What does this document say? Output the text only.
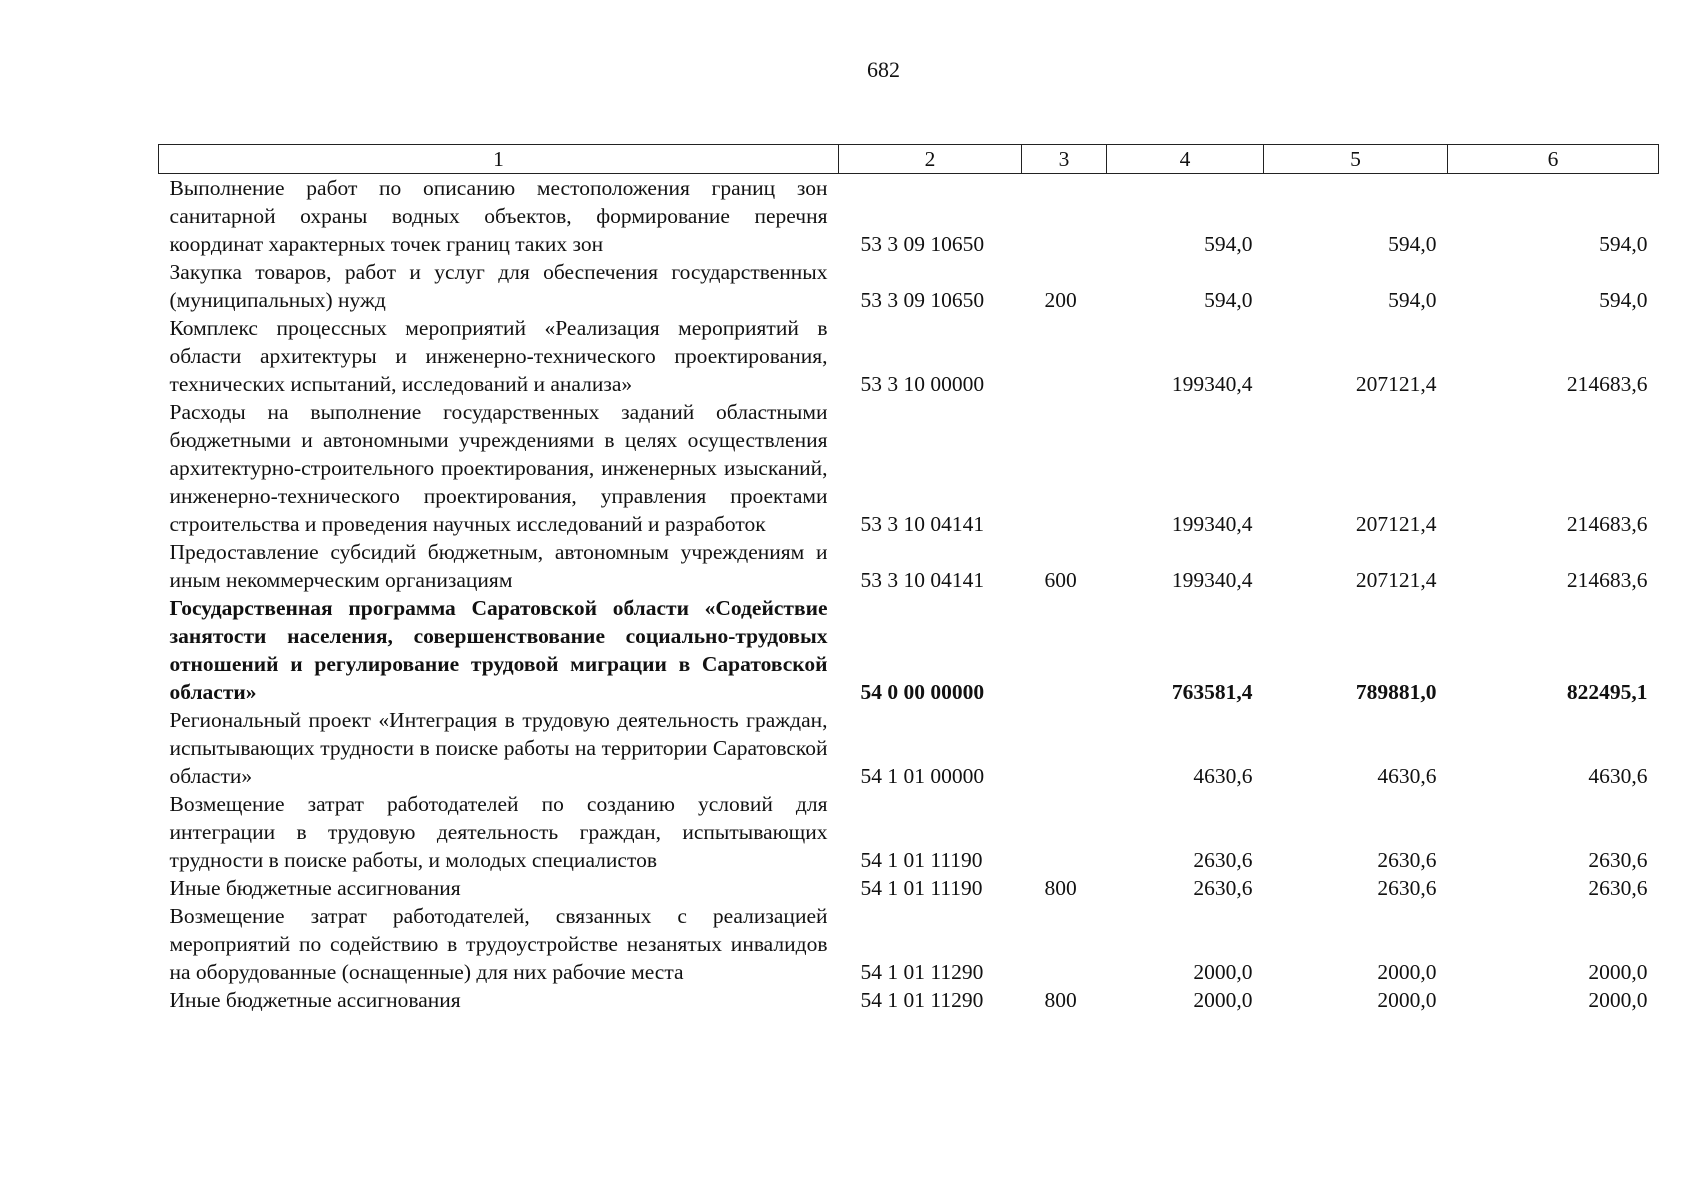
682
1	2	3	4	5	6
Выполнение работ по описанию местоположения границ зон санитарной охраны водных объектов, формирование перечня координат характерных точек границ таких зон	53 3 09 10650		594,0	594,0	594,0
Закупка товаров, работ и услуг для обеспечения государственных (муниципальных) нужд	53 3 09 10650	200	594,0	594,0	594,0
Комплекс процессных мероприятий «Реализация мероприятий в области архитектуры и инженерно-технического проектирования, технических испытаний, исследований и анализа»	53 3 10 00000		199340,4	207121,4	214683,6
Расходы на выполнение государственных заданий областными бюджетными и автономными учреждениями в целях осуществления архитектурно-строительного проектирования, инженерных изысканий, инженерно-технического проектирования, управления проектами строительства и проведения научных исследований и разработок	53 3 10 04141		199340,4	207121,4	214683,6
Предоставление субсидий бюджетным, автономным учреждениям и иным некоммерческим организациям	53 3 10 04141	600	199340,4	207121,4	214683,6
Государственная программа Саратовской области «Содействие занятости населения, совершенствование социально-трудовых отношений и регулирование трудовой миграции в Саратовской области»	54 0 00 00000		763581,4	789881,0	822495,1
Региональный проект «Интеграция в трудовую деятельность граждан, испытывающих трудности в поиске работы на территории Саратовской области»	54 1 01 00000		4630,6	4630,6	4630,6
Возмещение затрат работодателей по созданию условий для интеграции в трудовую деятельность граждан, испытывающих трудности в поиске работы, и молодых специалистов	54 1 01 11190		2630,6	2630,6	2630,6
Иные бюджетные ассигнования	54 1 01 11190	800	2630,6	2630,6	2630,6
Возмещение затрат работодателей, связанных с реализацией мероприятий по содействию в трудоустройстве незанятых инвалидов на оборудованные (оснащенные) для них рабочие места	54 1 01 11290		2000,0	2000,0	2000,0
Иные бюджетные ассигнования	54 1 01 11290	800	2000,0	2000,0	2000,0
